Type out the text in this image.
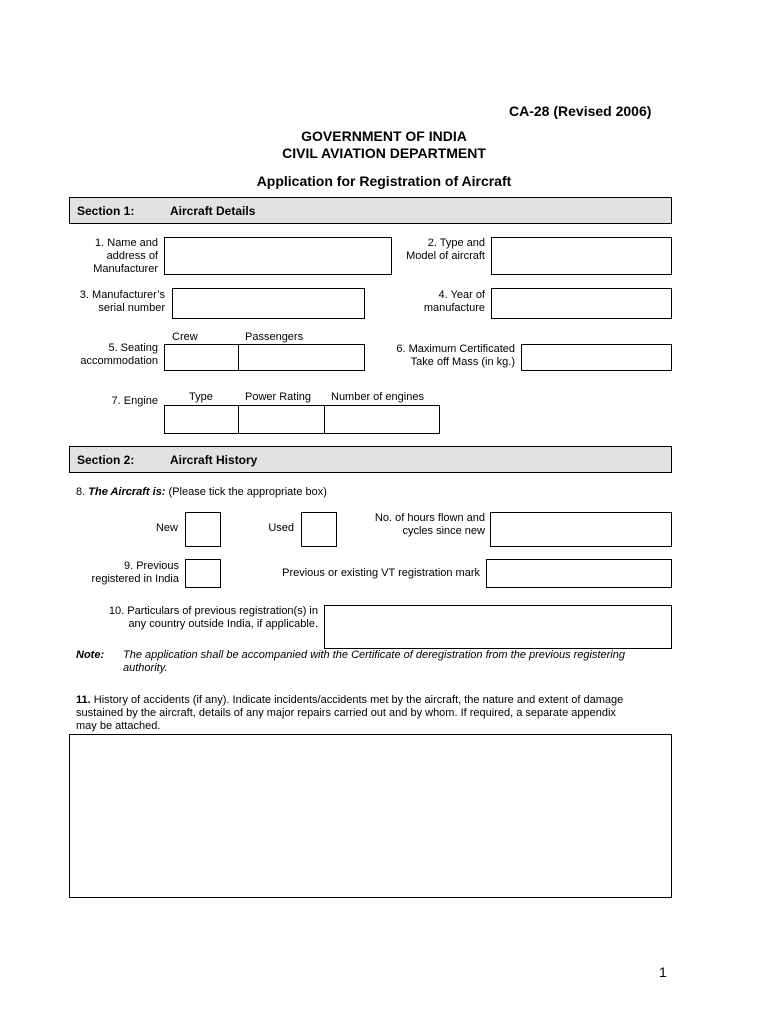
CA-28 (Revised 2006)
GOVERNMENT OF INDIA
CIVIL AVIATION DEPARTMENT
Application for Registration of Aircraft
Section 1:	Aircraft Details
1. Name and
address of
Manufacturer
2. Type and
Model of aircraft
3. Manufacturer’s
serial number
4. Year of
manufacture
Crew	Passengers
5. Seating
accommodation
6. Maximum Certificated
Take off Mass (in kg.)
Type	Power Rating Number of engines
7. Engine
Section 2:	Aircraft History
8. The Aircraft is: (Please tick the appropriate box)
New	Used
No. of hours flown and
cycles since new
9. Previous
registered in India	Previous or existing VT registration mark
10. Particulars of previous registration(s) in
any country outside India, if applicable.
Note: The application shall be accompanied with the Certificate of deregistration from the previous registering
authority.
11. History of accidents (if any). Indicate incidents/accidents met by the aircraft, the nature and extent of damage
sustained by the aircraft, details of any major repairs carried out and by whom. If required, a separate appendix
may be attached.
1
